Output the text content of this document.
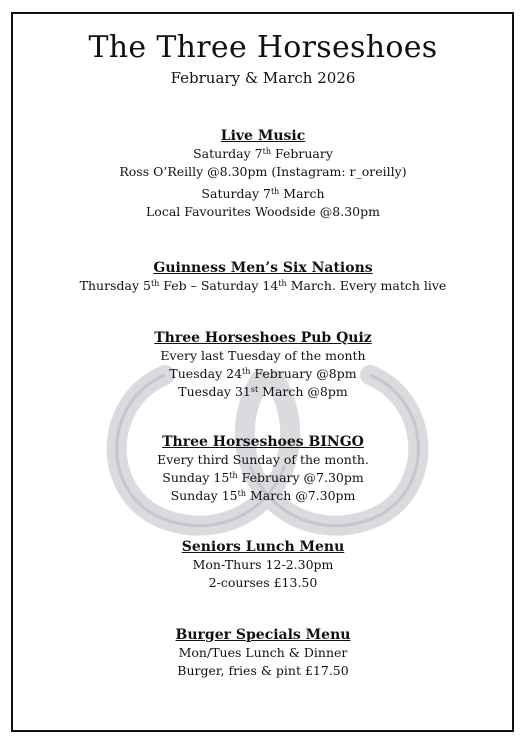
The Three Horseshoes
February & March 2026
Live Music
Saturday 7th February
Ross O’Reilly @8.30pm (Instagram: r_oreilly)
Saturday 7th March
Local Favourites Woodside @8.30pm
Guinness Men’s Six Nations
Thursday 5th Feb – Saturday 14th March. Every match live
Three Horseshoes Pub Quiz
Every last Tuesday of the month
Tuesday 24th February @8pm
Tuesday 31st March @8pm
Three Horseshoes BINGO
Every third Sunday of the month.
Sunday 15th February @7.30pm
Sunday 15th March @7.30pm
Seniors Lunch Menu
Mon-Thurs 12-2.30pm
2-courses £13.50
Burger Specials Menu
Mon/Tues Lunch & Dinner
Burger, fries & pint £17.50
